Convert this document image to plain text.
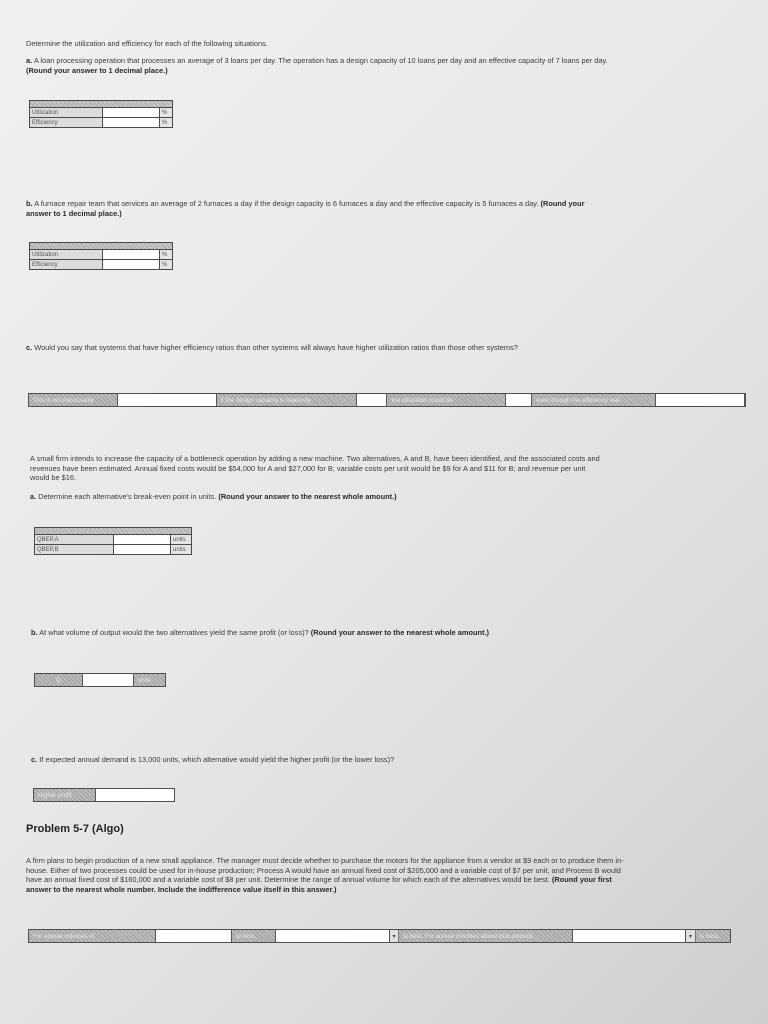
Determine the utilization and efficiency for each of the following situations.
a. A loan processing operation that processes an average of 3 loans per day. The operation has a design capacity of 10 loans per day and an effective capacity of 7 loans per day. (Round your answer to 1 decimal place.)

Utilization		%
Efficiency		%
b. A furnace repair team that services an average of 2 furnaces a day if the design capacity is 6 furnaces a day and the effective capacity is 5 furnaces a day. (Round your answer to 1 decimal place.)

Utilization		%
Efficiency		%
c. Would you say that systems that have higher efficiency ratios than other systems will always have higher utilization ratios than those other systems?
This is not necessarily	if the design capacity is relatively	the utilization could be	even though the efficiency was
A small firm intends to increase the capacity of a bottleneck operation by adding a new machine. Two alternatives, A and B, have been identified, and the associated costs and revenues have been estimated. Annual fixed costs would be $54,000 for A and $27,000 for B; variable costs per unit would be $9 for A and $11 for B; and revenue per unit would be $16.
a. Determine each alternative's break-even point in units. (Round your answer to the nearest whole amount.)

QBEP,A		units
QBEP,B		units
b. At what volume of output would the two alternatives yield the same profit (or loss)? (Round your answer to the nearest whole amount.)
Q	units
c. If expected annual demand is 13,000 units, which alternative would yield the higher profit (or the lower loss)?
Higher profit
Problem 5-7 (Algo)
A firm plans to begin production of a new small appliance. The manager must decide whether to purchase the motors for the appliance from a vendor at $9 each or to produce them in-house. Either of two processes could be used for in-house production; Process A would have an annual fixed cost of $205,000 and a variable cost of $7 per unit, and Process B would have an annual fixed cost of $160,000 and a variable cost of $8 per unit. Determine the range of annual volume for which each of the alternatives would be best. (Round your first answer to the nearest whole number. Include the indifference value itself in this answer.)
For annual volumes of	or less,	▾	is best. For annual volumes above that amount,	▾	is best.
